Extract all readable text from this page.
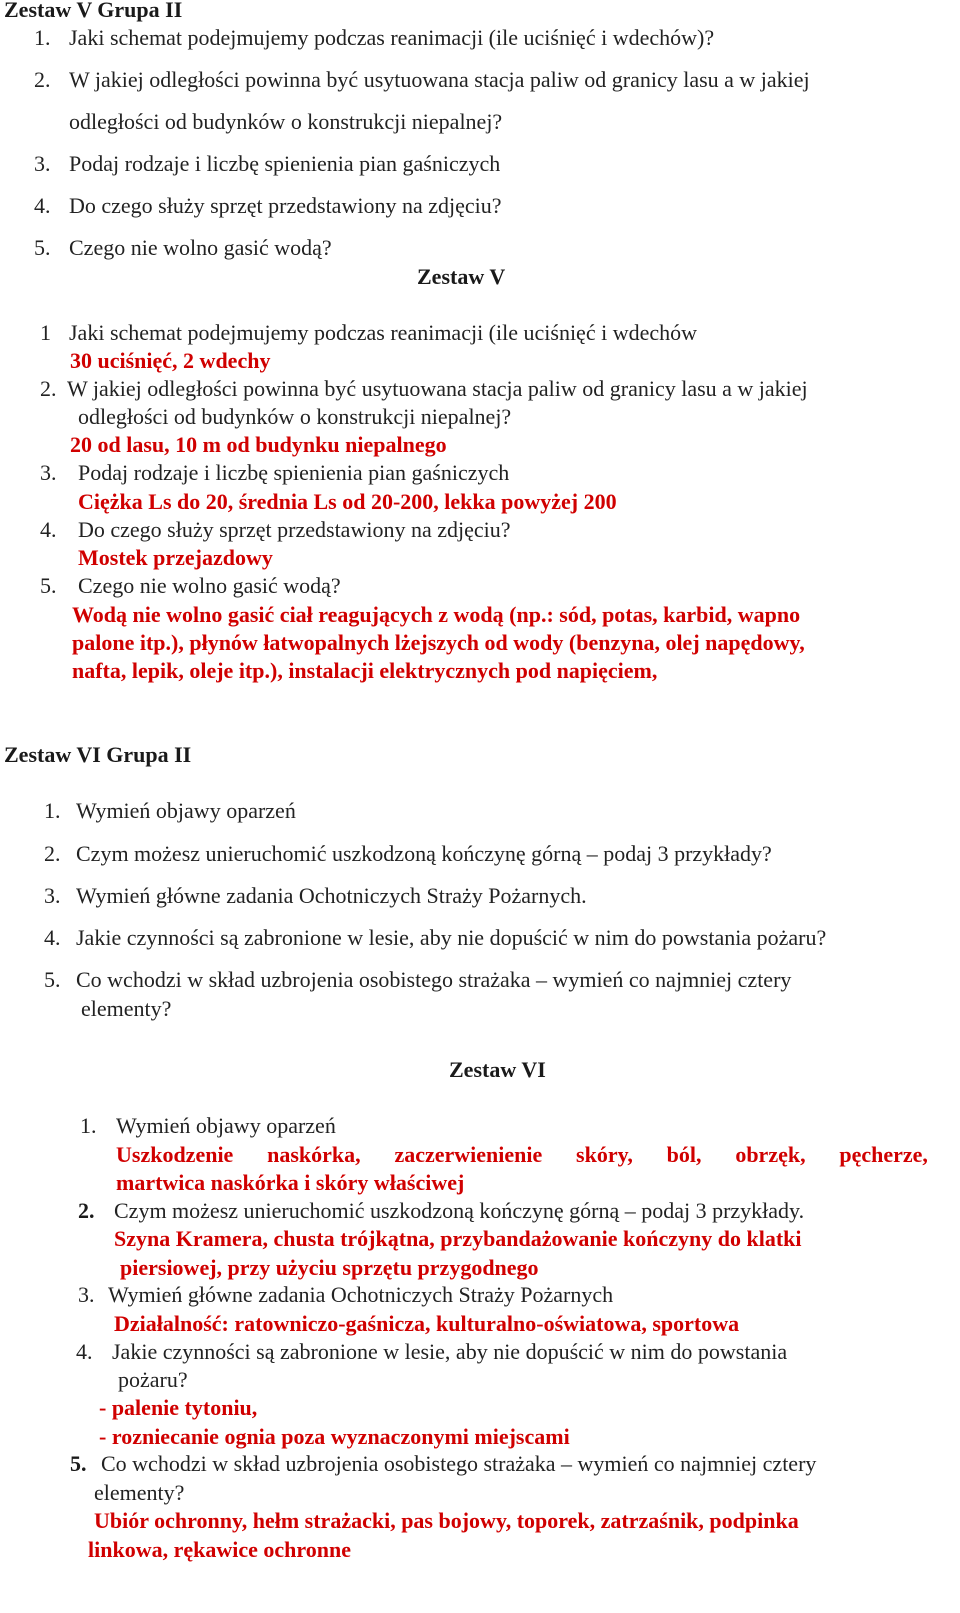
Zestaw V Grupa II
1. Jaki schemat podejmujemy podczas reanimacji (ile uciśnięć i wdechów)?
2. W jakiej odległości powinna być usytuowana stacja paliw od granicy lasu a w jakiej
odległości od budynków o konstrukcji niepalnej?
3. Podaj rodzaje i liczbę spienienia pian gaśniczych
4. Do czego służy sprzęt przedstawiony na zdjęciu?
5. Czego nie wolno gasić wodą?
Zestaw V
1 Jaki schemat podejmujemy podczas reanimacji (ile uciśnięć i wdechów
30 uciśnięć, 2 wdechy
2. W jakiej odległości powinna być usytuowana stacja paliw od granicy lasu a w jakiej
odległości od budynków o konstrukcji niepalnej?
20 od lasu, 10 m od budynku niepalnego
3. Podaj rodzaje i liczbę spienienia pian gaśniczych
Ciężka Ls do 20, średnia Ls od 20-200, lekka powyżej 200
4. Do czego służy sprzęt przedstawiony na zdjęciu?
Mostek przejazdowy
5. Czego nie wolno gasić wodą?
Wodą nie wolno gasić ciał reagujących z wodą (np.: sód, potas, karbid, wapno
palone itp.), płynów łatwopalnych lżejszych od wody (benzyna, olej napędowy,
nafta, lepik, oleje itp.), instalacji elektrycznych pod napięciem,
Zestaw VI Grupa II
1. Wymień objawy oparzeń
2. Czym możesz unieruchomić uszkodzoną kończynę górną – podaj 3 przykłady?
3. Wymień główne zadania Ochotniczych Straży Pożarnych.
4. Jakie czynności są zabronione w lesie, aby nie dopuścić w nim do powstania pożaru?
5. Co wchodzi w skład uzbrojenia osobistego strażaka – wymień co najmniej cztery
elementy?
Zestaw VI
1. Wymień objawy oparzeń
Uszkodzenie naskórka, zaczerwienienie skóry, ból, obrzęk, pęcherze,
martwica naskórka i skóry właściwej
2. Czym możesz unieruchomić uszkodzoną kończynę górną – podaj 3 przykłady.
Szyna Kramera, chusta trójkątna, przybandażowanie kończyny do klatki
piersiowej, przy użyciu sprzętu przygodnego
3. Wymień główne zadania Ochotniczych Straży Pożarnych
Działalność: ratowniczo-gaśnicza, kulturalno-oświatowa, sportowa
4. Jakie czynności są zabronione w lesie, aby nie dopuścić w nim do powstania
pożaru?
- palenie tytoniu,
- rozniecanie ognia poza wyznaczonymi miejscami
5. Co wchodzi w skład uzbrojenia osobistego strażaka – wymień co najmniej cztery
elementy?
Ubiór ochronny, hełm strażacki, pas bojowy, toporek, zatrzaśnik, podpinka
linkowa, rękawice ochronne
